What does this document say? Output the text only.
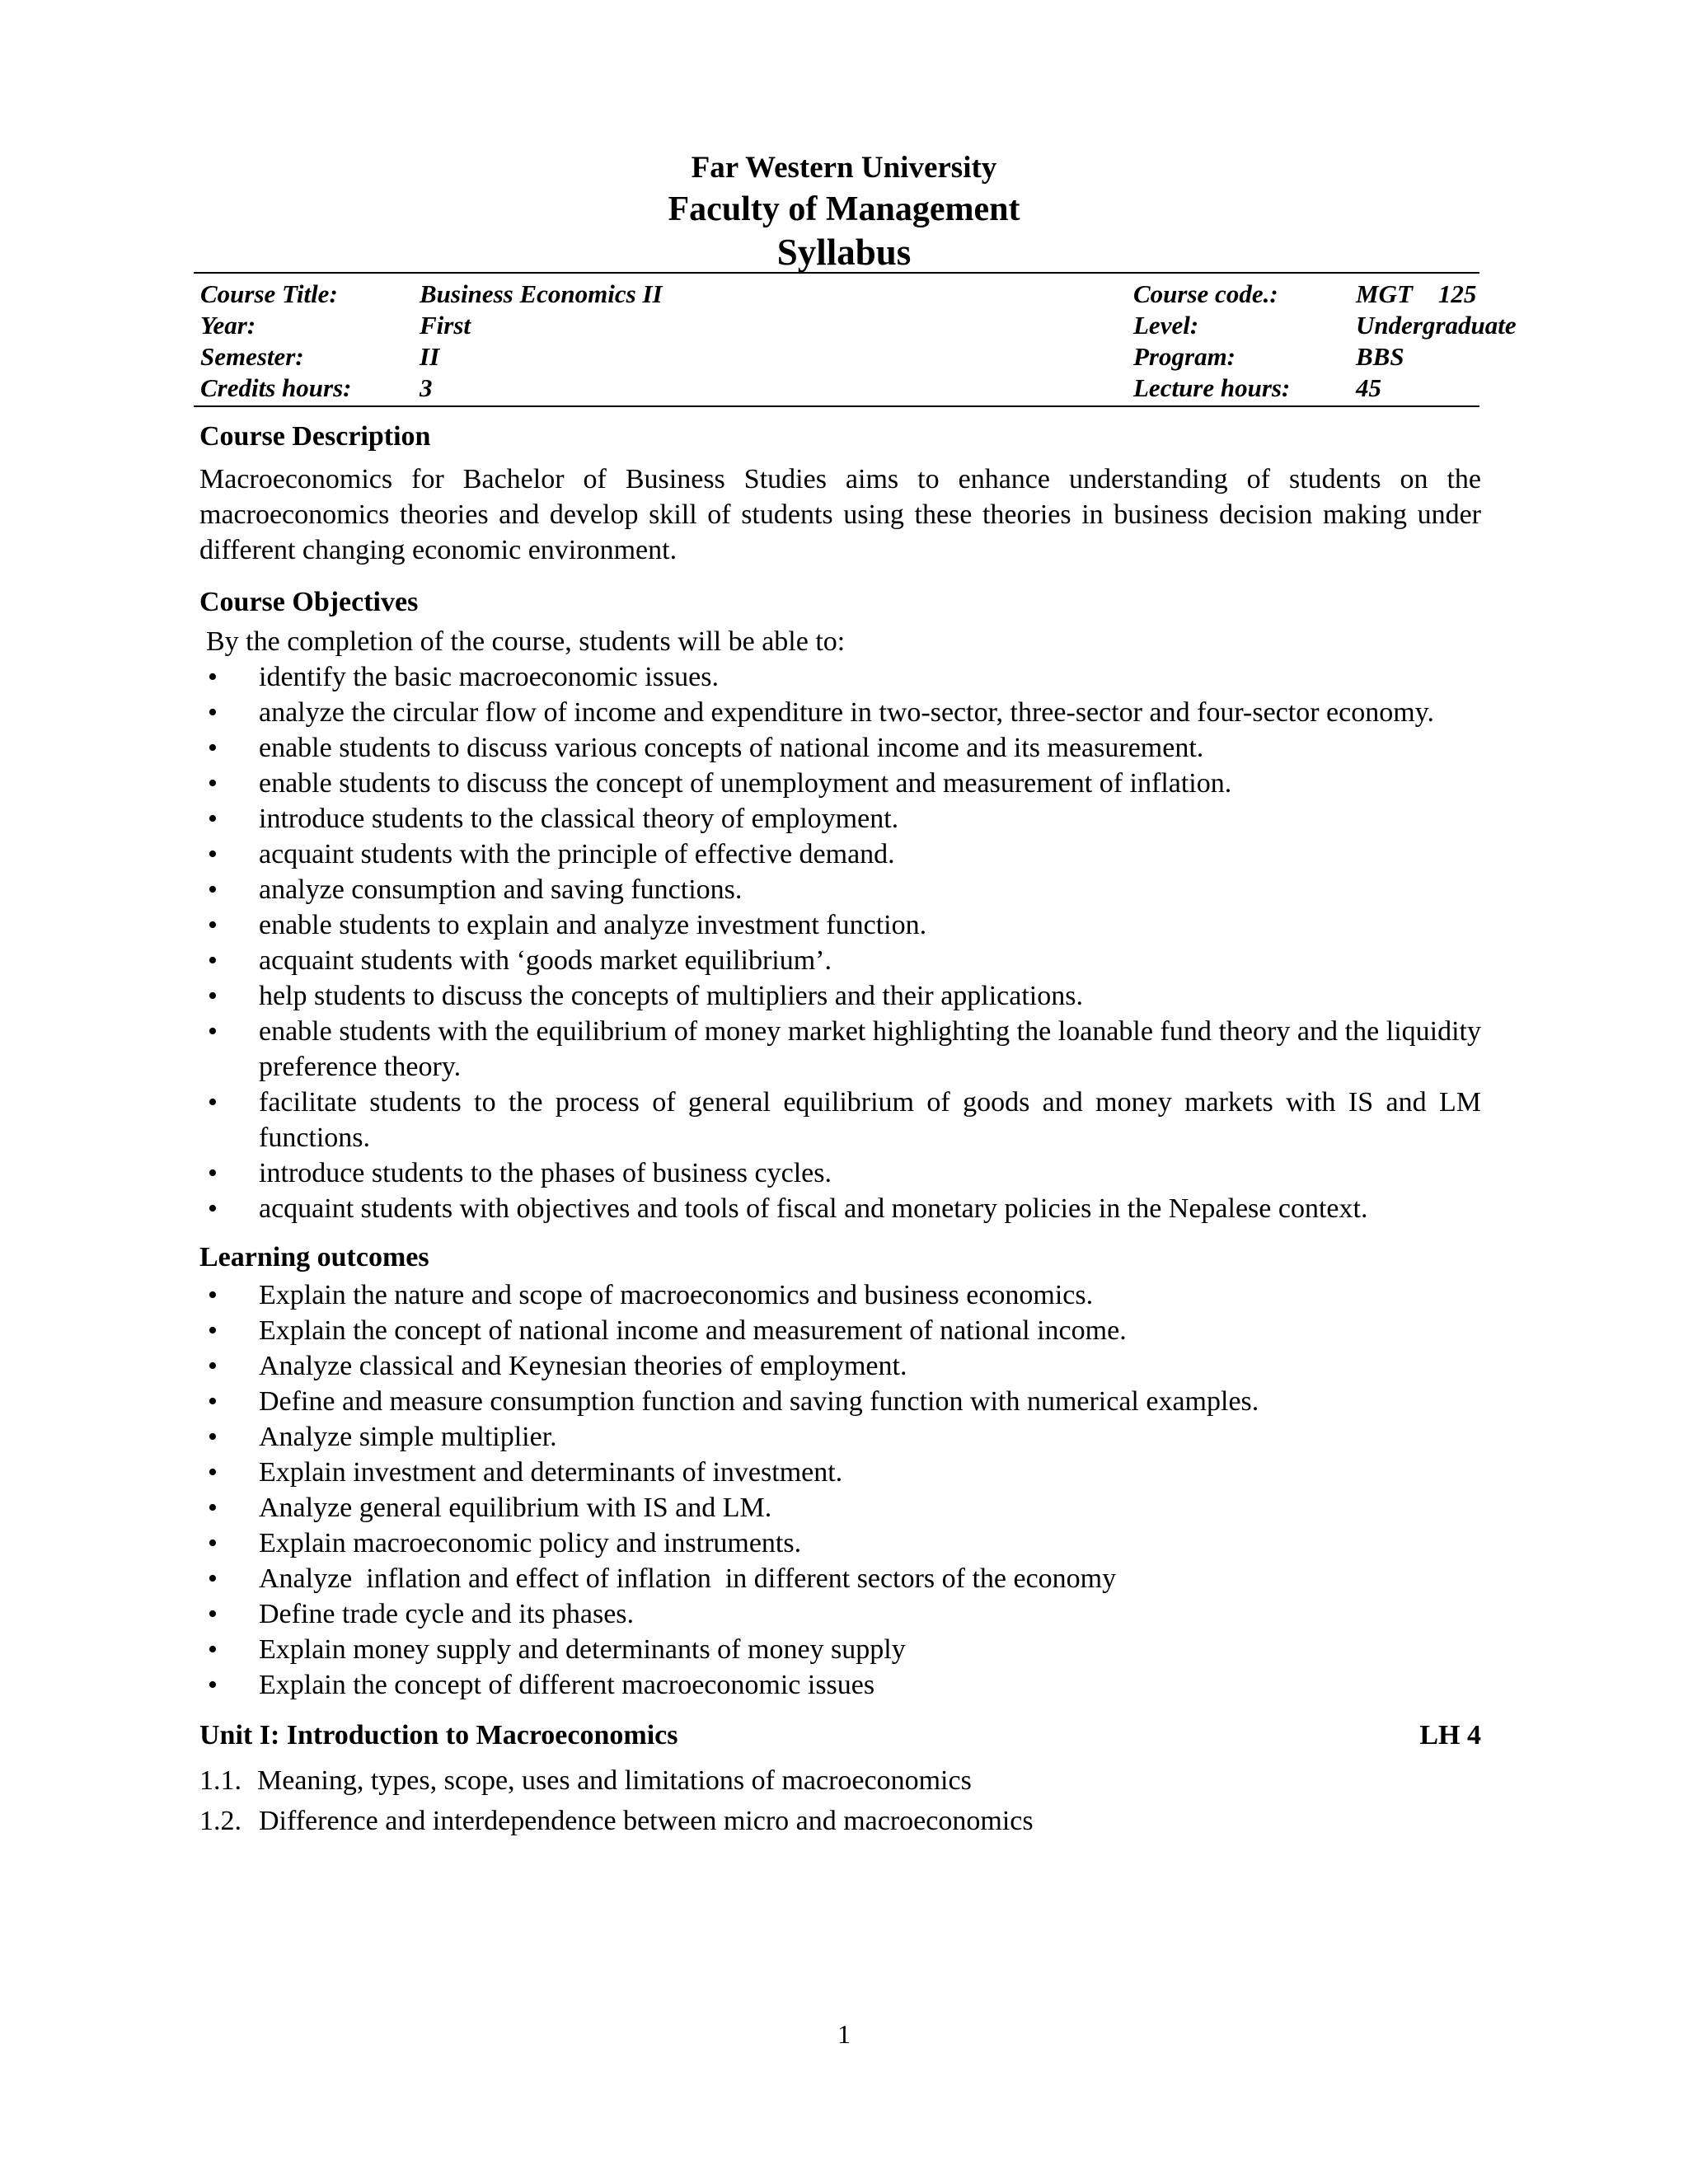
Far Western University
Faculty of Management
Syllabus
Course Title:	Business Economics II	Course code.:	MGT    125
Year:	First	Level:	Undergraduate
Semester:	II	Program:	BBS
Credits hours:	3	Lecture hours:	45
Course Description
Macroeconomics for Bachelor of Business Studies aims to enhance understanding of students on the macroeconomics theories and develop skill of students using these theories in business decision making under different changing economic environment.
Course Objectives
By the completion of the course, students will be able to:
• identify the basic macroeconomic issues.
• analyze the circular flow of income and expenditure in two-sector, three-sector and four-sector economy.
• enable students to discuss various concepts of national income and its measurement.
• enable students to discuss the concept of unemployment and measurement of inflation.
• introduce students to the classical theory of employment.
• acquaint students with the principle of effective demand.
• analyze consumption and saving functions.
• enable students to explain and analyze investment function.
• acquaint students with ‘goods market equilibrium’.
• help students to discuss the concepts of multipliers and their applications.
• enable students with the equilibrium of money market highlighting the loanable fund theory and the liquidity preference theory.
• facilitate students to the process of general equilibrium of goods and money markets with IS and LM functions.
• introduce students to the phases of business cycles.
• acquaint students with objectives and tools of fiscal and monetary policies in the Nepalese context.
Learning outcomes
• Explain the nature and scope of macroeconomics and business economics.
• Explain the concept of national income and measurement of national income.
• Analyze classical and Keynesian theories of employment.
• Define and measure consumption function and saving function with numerical examples.
• Analyze simple multiplier.
• Explain investment and determinants of investment.
• Analyze general equilibrium with IS and LM.
• Explain macroeconomic policy and instruments.
• Analyze  inflation and effect of inflation  in different sectors of the economy
• Define trade cycle and its phases.
• Explain money supply and determinants of money supply
• Explain the concept of different macroeconomic issues
Unit I: Introduction to Macroeconomics	LH 4
1.1. Meaning, types, scope, uses and limitations of macroeconomics
1.2. Difference and interdependence between micro and macroeconomics
1
